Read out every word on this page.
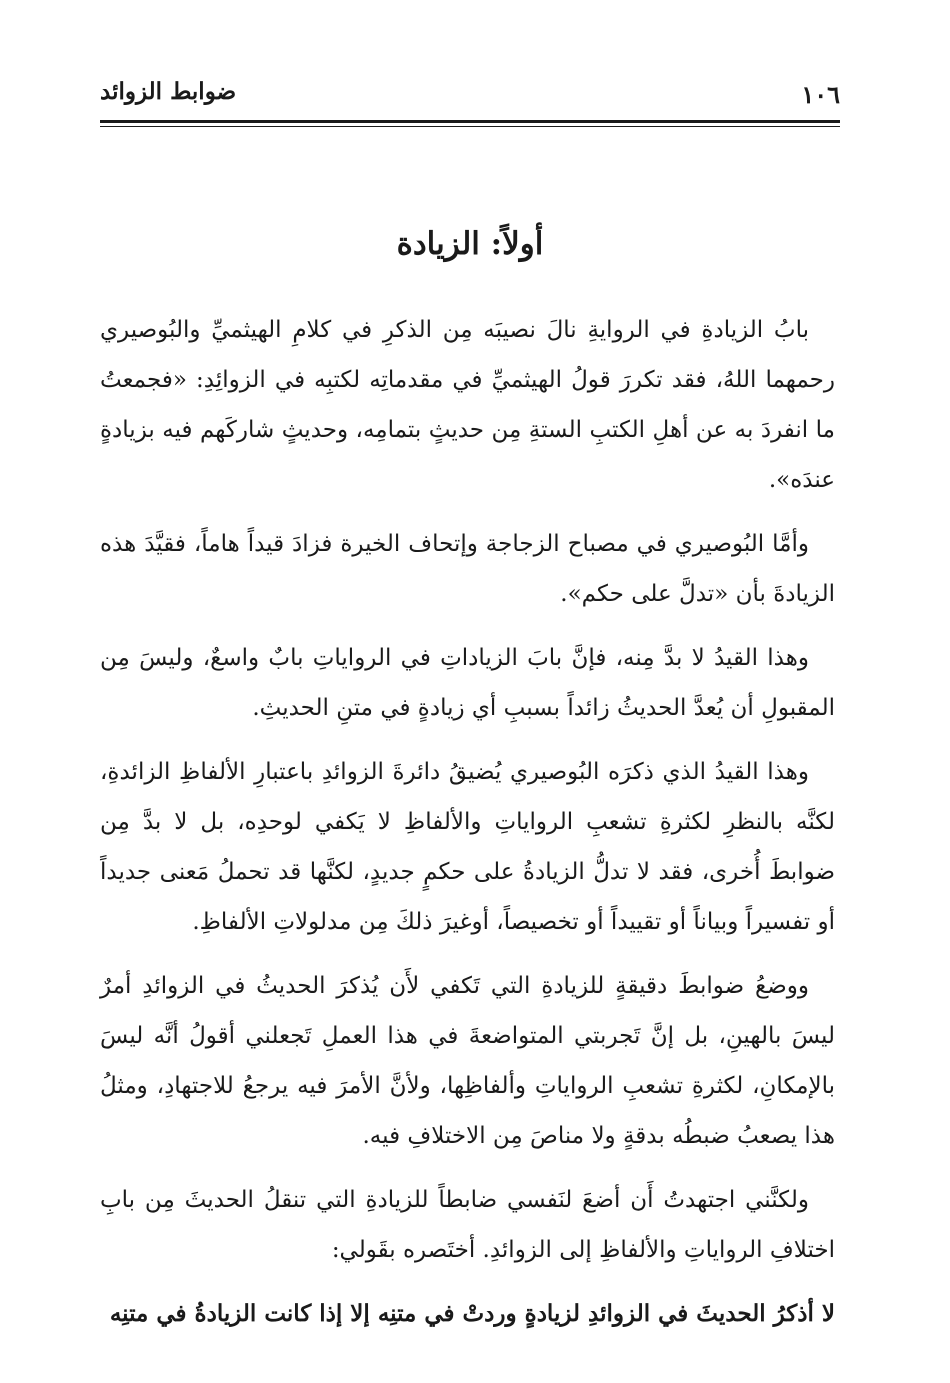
ضوابط الزوائد	١٠٦
أولاً: الزيادة

بابُ الزيادةِ في الروايةِ نالَ نصيبَه مِن الذكرِ في كلامِ الهيثميِّ والبُوصيري رحمهما اللهُ، فقد تكررَ قولُ الهيثميِّ في مقدماتِه لكتبِه في الزوائِدِ: «فجمعتُ ما انفردَ به عن أهلِ الكتبِ الستةِ مِن حديثٍ بتمامِه، وحديثٍ شاركَهم فيه بزيادةٍ عندَه».

وأمَّا البُوصيري في مصباح الزجاجة وإتحاف الخيرة فزادَ قيداً هاماً، فقيَّدَ هذه الزيادةَ بأن «تدلَّ على حكم».

وهذا القيدُ لا بدَّ مِنه، فإنَّ بابَ الزياداتِ في الرواياتِ بابٌ واسعٌ، وليسَ مِن المقبولِ أن يُعدَّ الحديثُ زائداً بسببِ أي زيادةٍ في متنِ الحديثِ.

وهذا القيدُ الذي ذكرَه البُوصيري يُضيقُ دائرةَ الزوائدِ باعتبارِ الألفاظِ الزائدةِ، لكنَّه بالنظرِ لكثرةِ تشعبِ الرواياتِ والألفاظِ لا يَكفي لوحدِه، بل لا بدَّ مِن ضوابطَ أُخرى، فقد لا تدلُّ الزيادةُ على حكمٍ جديدٍ، لكنَّها قد تحملُ مَعنى جديداً أو تفسيراً وبياناً أو تقييداً أو تخصيصاً، أوغيرَ ذلكَ مِن مدلولاتِ الألفاظِ.

ووضعُ ضوابطَ دقيقةٍ للزيادةِ التي تَكفي لأَن يُذكرَ الحديثُ في الزوائدِ أمرٌ ليسَ بالهينِ، بل إنَّ تَجربتي المتواضعةَ في هذا العملِ تَجعلني أقولُ أنَّه ليسَ بالإمكانِ، لكثرةِ تشعبِ الرواياتِ وألفاظِها، ولأنَّ الأمرَ فيه يرجعُ للاجتهادِ، ومثلُ هذا يصعبُ ضبطُه بدقةٍ ولا مناصَ مِن الاختلافِ فيه.

ولكنَّني اجتهدتُ أَن أضعَ لنَفسي ضابطاً للزيادةِ التي تنقلُ الحديثَ مِن بابِ اختلافِ الرواياتِ والألفاظِ إلى الزوائدِ. أختَصره بقَولي:

لا أذكرُ الحديثَ في الزوائدِ لزيادةٍ وردتْ في متنِه إلا إذا كانت الزيادةُ في متنِه
